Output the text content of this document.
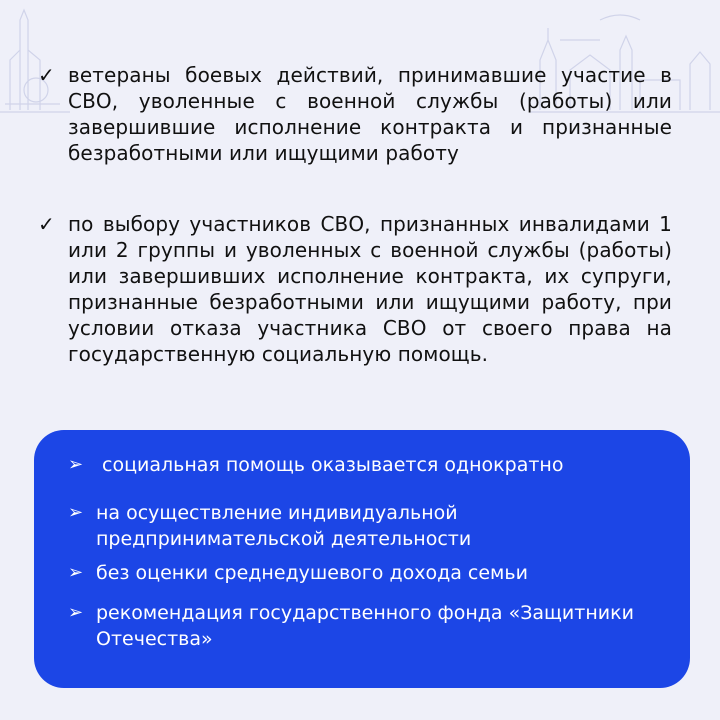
✓ ветераны боевых действий, принимавшие участие в СВО, уволенные с военной службы (работы) или завершившие исполнение контракта и признанные безработными или ищущими работу
✓ по выбору участников СВО, признанных инвалидами 1 или 2 группы и уволенных с военной службы (работы) или завершивших исполнение контракта, их супруги, признанные безработными или ищущими работу, при условии отказа участника СВО от своего права на государственную социальную помощь.
➢ социальная помощь оказывается однократно
➢ на осуществление индивидуальной предпринимательской деятельности
➢ без оценки среднедушевого дохода семьи
➢ рекомендация государственного фонда «Защитники Отечества»
